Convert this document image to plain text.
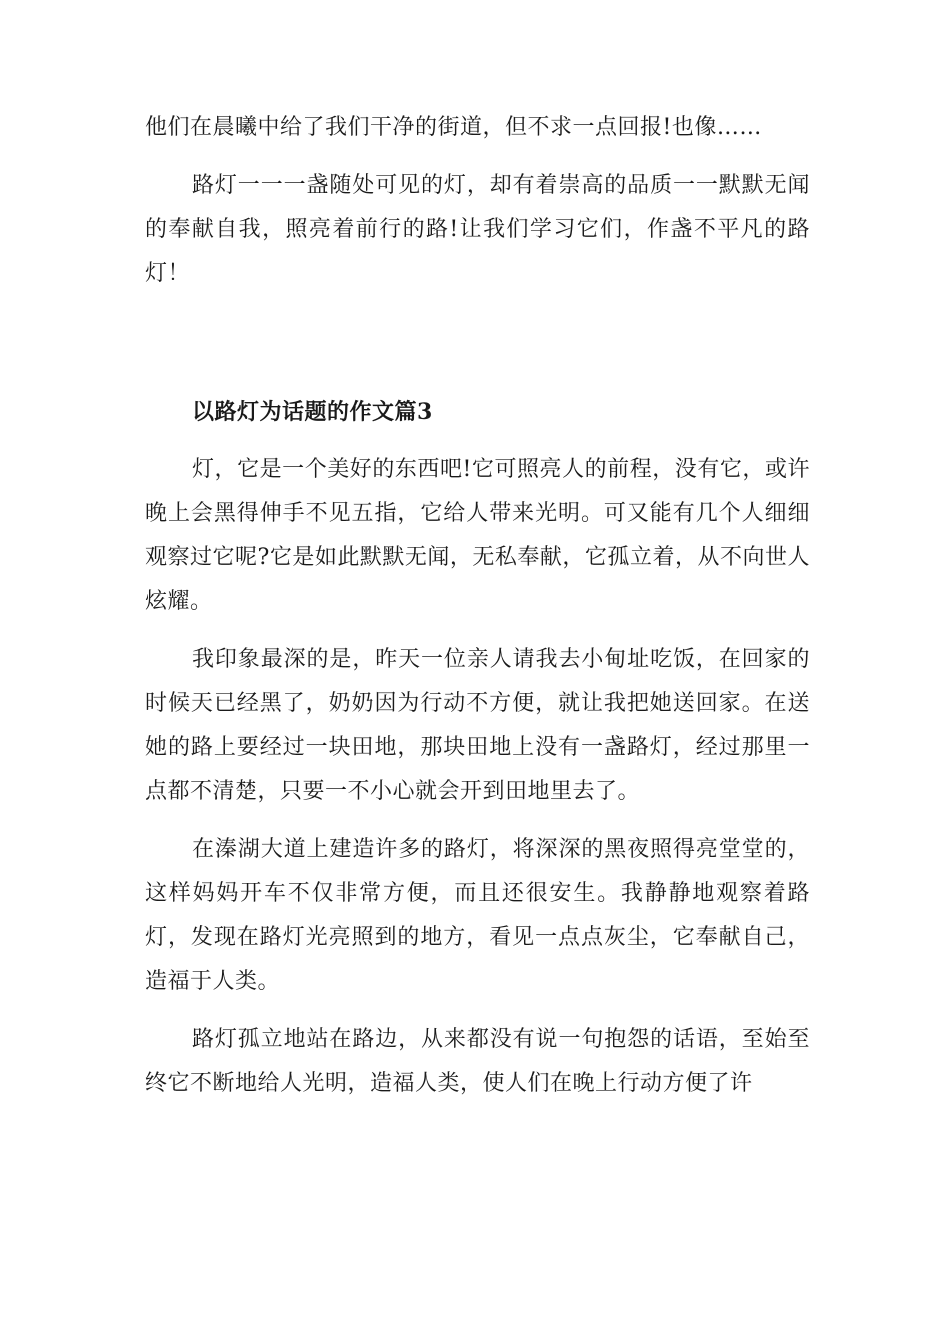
他们在晨曦中给了我们干净的街道，但不求一点回报!也像……

路灯一一一盏随处可见的灯，却有着崇高的品质一一默默无闻的奉献自我，照亮着前行的路!让我们学习它们，作盏不平凡的路灯！

以路灯为话题的作文篇3

灯，它是一个美好的东西吧!它可照亮人的前程，没有它，或许晚上会黑得伸手不见五指，它给人带来光明。可又能有几个人细细观察过它呢?它是如此默默无闻，无私奉献，它孤立着，从不向世人炫耀。

我印象最深的是，昨天一位亲人请我去小甸址吃饭，在回家的时候天已经黑了，奶奶因为行动不方便，就让我把她送回家。在送她的路上要经过一块田地，那块田地上没有一盏路灯，经过那里一点都不清楚，只要一不小心就会开到田地里去了。

在溱湖大道上建造许多的路灯，将深深的黑夜照得亮堂堂的，这样妈妈开车不仅非常方便，而且还很安生。我静静地观察着路灯，发现在路灯光亮照到的地方，看见一点点灰尘，它奉献自己，造福于人类。

路灯孤立地站在路边，从来都没有说一句抱怨的话语，至始至终它不断地给人光明，造福人类，使人们在晚上行动方便了许
